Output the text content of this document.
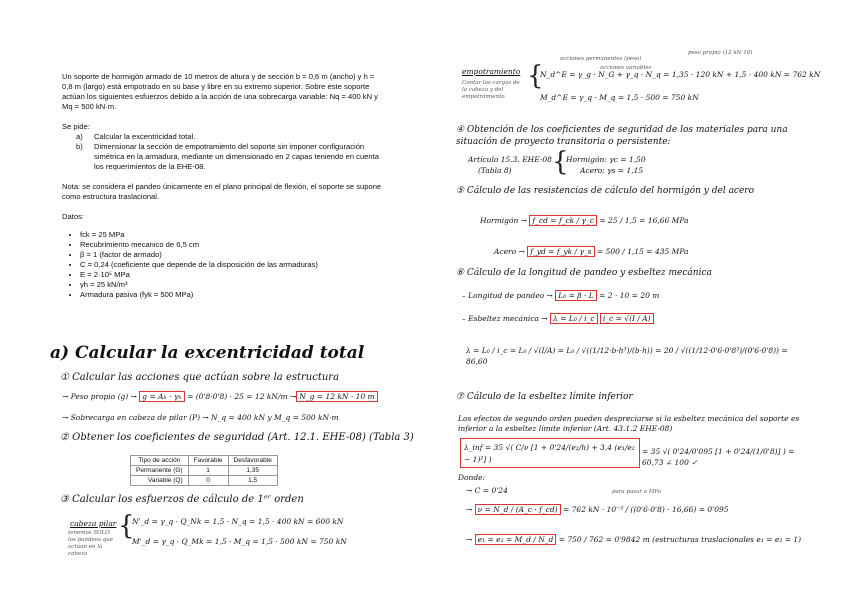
Un soporte de hormigón armado de 10 metros de altura y de sección b = 0,6 m (ancho) y h = 0,8 m (largo) está empotrado en su base y libre en su extremo superior. Sobre este soporte actúan los siguientes esfuerzos debido a la acción de una sobrecarga variable: Nq = 400 kN y Mq = 500 kN·m.
Se pide:
a)	Calcular la excentricidad total.
b)	Dimensionar la sección de empotramiento del soporte sin imponer configuración simétrica en la armadura, mediante un dimensionado en 2 capas teniendo en cuenta los requerimientos de la EHE-08.
Nota: se considera el pandeo únicamente en el plano principal de flexión, el soporte se supone como estructura traslacional.
Datos:
• fck = 25 MPa
• Recubrimiento mecanico de 6,5 cm
• β = 1 (factor de armado)
• C = 0,24 (coeficiente que depende de la disposición de las armaduras)
• E = 2·10⁵ MPa
• γh = 25 kN/m³
• Armadura pasiva (fyk = 500 MPa)
a) Calcular la excentricidad total
① Calcular las acciones que actúan sobre la estructura
→ Peso propio (g) → g = Aₕ · γₕ = (0'8·0'8) · 25 = 12 kN/m → N_g = 12 kN · 10 m
→ Sobrecarga en cabeza de pilar (P) → N_q = 400 kN y M_q = 500 kN·m
② Obtener los coeficientes de seguridad (Art. 12.1. EHE-08) (Tabla 3)
Tipo de acción	Favorable	Desfavorable
Permanente (G)	1	1,35
Variable (Q)	0	1,5
③ Calcular los esfuerzos de cálculo de 1ᵉʳ orden
cabeza pilar
tenemos SOLO los pandeos que actúan en la cabeza
{
N'_d = γ_q · Q_Nk = 1,5 · N_q = 1,5 · 400 kN = 600 kN
M'_d = γ_q · Q_Mk = 1,5 · M_q = 1,5 · 500 kN = 750 kN
acciones permanentes (peso)
acciones variables
peso propio (12 kN·10)
empotramiento
Contar las cargas de la cabeza y del empotramiento
{
N_d^E = γ_g · N_G + γ_q · N_q = 1,35 · 120 kN + 1,5 · 400 kN = 762 kN
M_d^E = γ_q · M_q = 1,5 · 500 = 750 kN
④ Obtención de los coeficientes de seguridad de los materiales para una situación de proyecto transitoria o persistente:
Artículo 15.3. EHE-08
(Tabla 8) {
Hormigón: γc = 1,50
Acero: γs = 1,15
⑤ Cálculo de las resistencias de cálculo del hormigón y del acero
Hormigón → f_cd = f_ck / γ_c = 25 / 1,5 = 16,66 MPa
Acero → f_yd = f_yk / γ_s = 500 / 1,15 = 435 MPa
⑥ Cálculo de la longitud de pandeo y esbeltez mecánica
– Longitud de pandeo → L₀ = β · L = 2 · 10 = 20 m
– Esbeltez mecánica → λ = L₀ / i_c i_c = √(I / A)
λ = L₀ / i_c = L₀ / √(I/A) = L₀ / √((1/12·b·h³)/(b·h)) = 20 / √((1/12·0'6·0'8³)/(0'6·0'8)) = 86,60
⑦ Cálculo de la esbeltez límite inferior
Los efectos de segundo orden pueden despreciarse si la esbeltez mecánica del soporte es inferior a la esbeltez límite inferior (Art. 43.1.2 EHE-08)
λ_inf = 35 √( C/ν [1 + 0'24/(e₂/h) + 3,4 (e₁/e₂ − 1)²] )
= 35 √( 0'24/0'095 [1 + 0'24/(1/0'8)] ) = 60,73 ∠ 100 ✓
Donde:
→ C = 0'24	para pasar a MPa
→ ν = N_d / (A_c · f_cd) = 762 kN · 10⁻³ / ((0'6·0'8) · 16,66) = 0'095
→ e₁ = e₂ = M_d / N_d = 750 / 762 = 0'9842 m (estructuras traslacionales e₁ = e₂ = 1)
